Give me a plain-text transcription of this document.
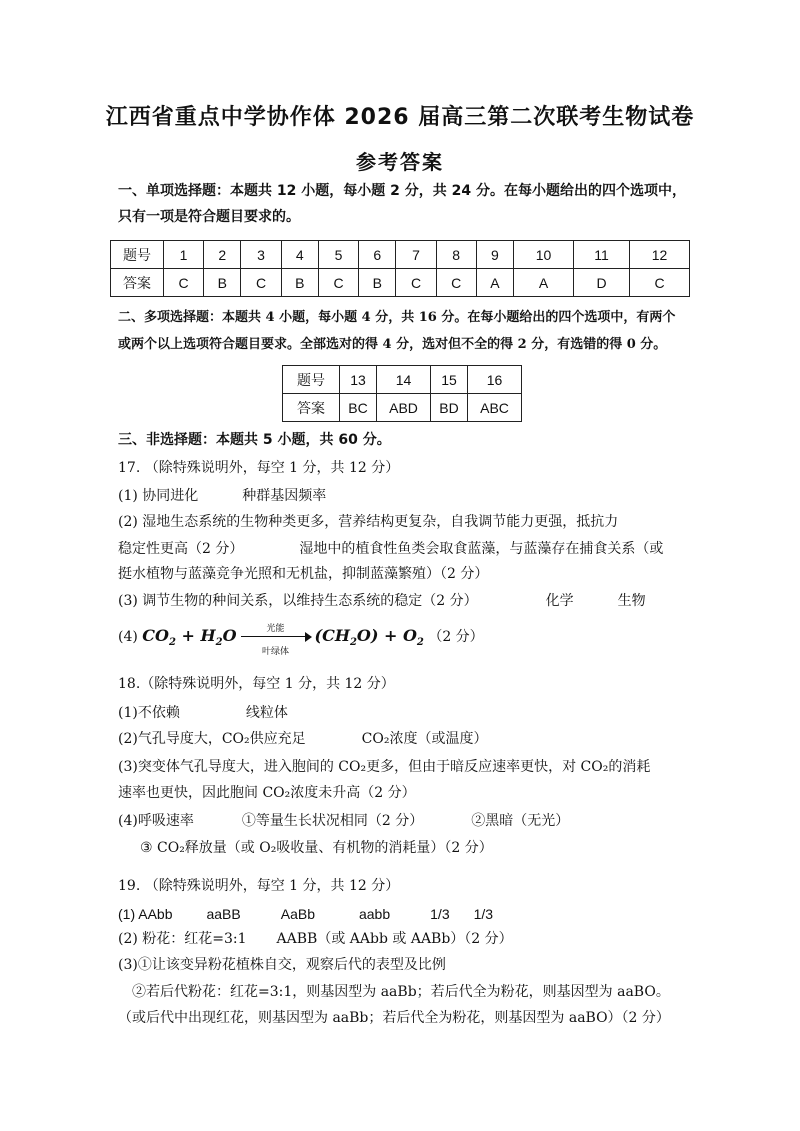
江西省重点中学协作体 2026 届高三第二次联考生物试卷
参考答案
一、单项选择题：本题共 12 小题，每小题 2 分，共 24 分。在每小题给出的四个选项中，
只有一项是符合题目要求的。
题号	1	2	3	4	5	6	7	8	9	10	11	12
答案	C	B	C	B	C	B	C	C	A	A	D	C
二、多项选择题：本题共 4 小题，每小题 4 分，共 16 分。在每小题给出的四个选项中，有两个
或两个以上选项符合题目要求。全部选对的得 4 分，选对但不全的得 2 分，有选错的得 0 分。
题号	13	14	15	16
答案	BC	ABD	BD	ABC
三、非选择题：本题共 5 小题，共 60 分。
17. （除特殊说明外，每空 1 分，共 12 分）
(1) 协同进化	种群基因频率
(2) 湿地生态系统的生物种类更多，营养结构更复杂，自我调节能力更强，抵抗力
稳定性更高（2 分）	湿地中的植食性鱼类会取食蓝藻，与蓝藻存在捕食关系（或
挺水植物与蓝藻竞争光照和无机盐，抑制蓝藻繁殖）（2 分）
(3) 调节生物的种间关系，以维持生态系统的稳定（2 分）	化学	生物
(4) $CO_2 + H_2O$	光能
叶绿体
$(CH_2O) + O_2$ （2 分）
18.（除特殊说明外，每空 1 分，共 12 分）
(1)不依赖	线粒体
(2)气孔导度大，CO₂供应充足	CO₂浓度（或温度）
(3)突变体气孔导度大，进入胞间的 CO₂更多，但由于暗反应速率更快，对 CO₂的消耗
速率也更快，因此胞间 CO₂浓度未升高（2 分）
(4)呼吸速率	①等量生长状况相同（2 分）	②黑暗（无光）
③ CO₂释放量（或 O₂吸收量、有机物的消耗量）（2 分）
19. （除特殊说明外，每空 1 分，共 12 分）
(1) AAbb aaBB	AaBb	aabb	1/3 1/3
(2) 粉花：红花=3:1 AABB（或 AAbb 或 AABb）（2 分）
(3)①让该变异粉花植株自交，观察后代的表型及比例
②若后代粉花：红花=3:1，则基因型为 aaBb；若后代全为粉花，则基因型为 aaBO。
（或后代中出现红花，则基因型为 aaBb；若后代全为粉花，则基因型为 aaBO）（2 分）
